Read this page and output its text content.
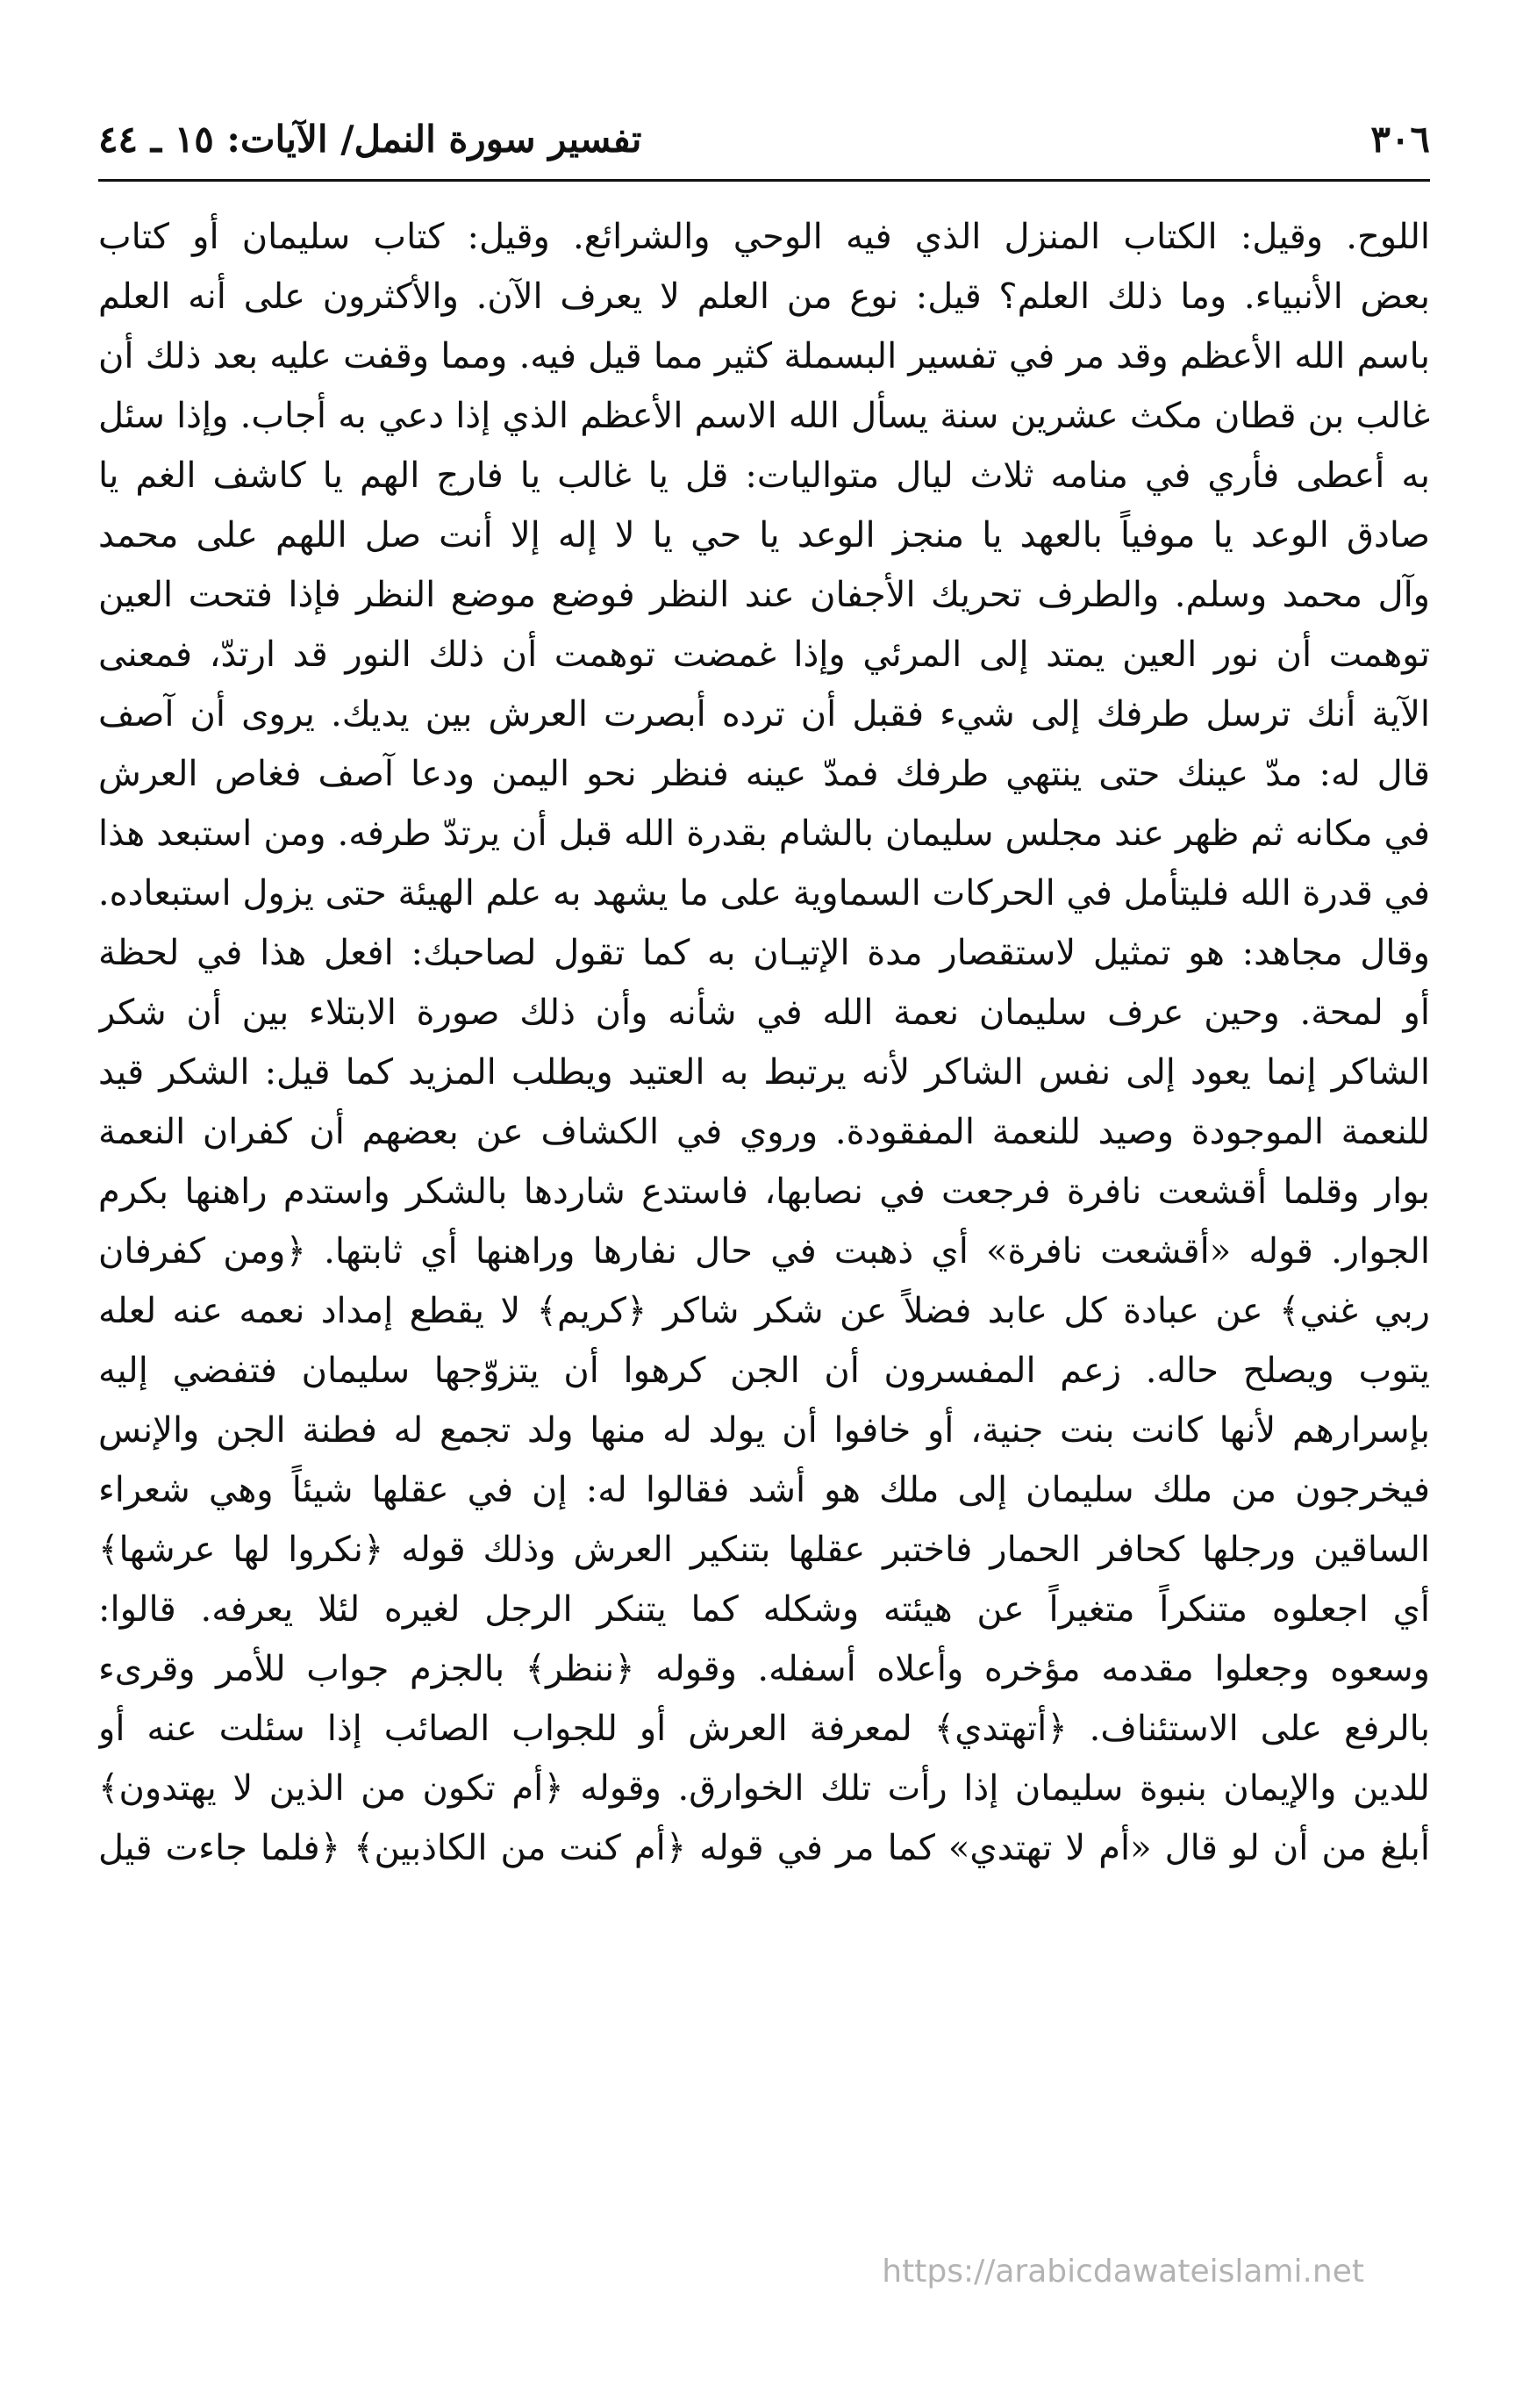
٣٠٦
تفسير سورة النمل/ الآيات: ١٥ ـ ٤٤
اللوح. وقيل: الكتاب المنزل الذي فيه الوحي والشرائع. وقيل: كتاب سليمان أو كتاب
بعض الأنبياء. وما ذلك العلم؟ قيل: نوع من العلم لا يعرف الآن. والأكثرون على أنه العلم
باسم الله الأعظم وقد مر في تفسير البسملة كثير مما قيل فيه. ومما وقفت عليه بعد ذلك أن
غالب بن قطان مكث عشرين سنة يسأل الله الاسم الأعظم الذي إذا دعي به أجاب. وإذا سئل
به أعطى فأري في منامه ثلاث ليال متواليات: قل يا غالب يا فارج الهم يا كاشف الغم يا
صادق الوعد يا موفياً بالعهد يا منجز الوعد يا حي يا لا إله إلا أنت صل اللهم على محمد
وآل محمد وسلم. والطرف تحريك الأجفان عند النظر فوضع موضع النظر فإذا فتحت العين
توهمت أن نور العين يمتد إلى المرئي وإذا غمضت توهمت أن ذلك النور قد ارتدّ، فمعنى
الآية أنك ترسل طرفك إلى شيء فقبل أن ترده أبصرت العرش بين يديك. يروى أن آصف
قال له: مدّ عينك حتى ينتهي طرفك فمدّ عينه فنظر نحو اليمن ودعا آصف فغاص العرش
في مكانه ثم ظهر عند مجلس سليمان بالشام بقدرة الله قبل أن يرتدّ طرفه. ومن استبعد هذا
في قدرة الله فليتأمل في الحركات السماوية على ما يشهد به علم الهيئة حتى يزول استبعاده.
وقال مجاهد: هو تمثيل لاستقصار مدة الإتيـان به كما تقول لصاحبك: افعل هذا في لحظة
أو لمحة. وحين عرف سليمان نعمة الله في شأنه وأن ذلك صورة الابتلاء بين أن شكر
الشاكر إنما يعود إلى نفس الشاكر لأنه يرتبط به العتيد ويطلب المزيد كما قيل: الشكر قيد
للنعمة الموجودة وصيد للنعمة المفقودة. وروي في الكشاف عن بعضهم أن كفران النعمة
بوار وقلما أقشعت نافرة فرجعت في نصابها، فاستدع شاردها بالشكر واستدم راهنها بكرم
الجوار. قوله «أقشعت نافرة» أي ذهبت في حال نفارها وراهنها أي ثابتها. ﴿ومن كفرفان
ربي غني﴾ عن عبادة كل عابد فضلاً عن شكر شاكر ﴿كريم﴾ لا يقطع إمداد نعمه عنه لعله
يتوب ويصلح حاله. زعم المفسرون أن الجن كرهوا أن يتزوّجها سليمان فتفضي إليه
بإسرارهم لأنها كانت بنت جنية، أو خافوا أن يولد له منها ولد تجمع له فطنة الجن والإنس
فيخرجون من ملك سليمان إلى ملك هو أشد فقالوا له: إن في عقلها شيئاً وهي شعراء
الساقين ورجلها كحافر الحمار فاختبر عقلها بتنكير العرش وذلك قوله ﴿نكروا لها عرشها﴾
أي اجعلوه متنكراً متغيراً عن هيئته وشكله كما يتنكر الرجل لغيره لئلا يعرفه. قالوا:
وسعوه وجعلوا مقدمه مؤخره وأعلاه أسفله. وقوله ﴿ننظر﴾ بالجزم جواب للأمر وقرىء
بالرفع على الاستئناف. ﴿أتهتدي﴾ لمعرفة العرش أو للجواب الصائب إذا سئلت عنه أو
للدين والإيمان بنبوة سليمان إذا رأت تلك الخوارق. وقوله ﴿أم تكون من الذين لا يهتدون﴾
أبلغ من أن لو قال «أم لا تهتدي» كما مر في قوله ﴿أم كنت من الكاذبين﴾ ﴿فلما جاءت قيل
https://arabicdawateislami.net
